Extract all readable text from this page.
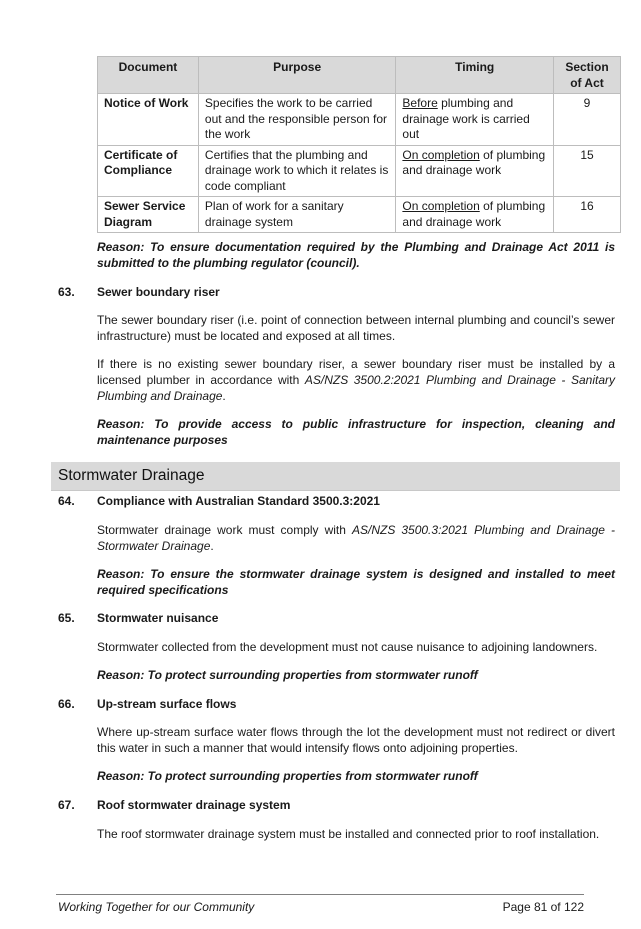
Document	Purpose	Timing	Section of Act
Notice of Work	Specifies the work to be carried out and the responsible person for the work	Before plumbing and drainage work is carried out	9
Certificate of Compliance	Certifies that the plumbing and drainage work to which it relates is code compliant	On completion of plumbing and drainage work	15
Sewer Service Diagram	Plan of work for a sanitary drainage system	On completion of plumbing and drainage work	16
Reason: To ensure documentation required by the Plumbing and Drainage Act 2011 is submitted to the plumbing regulator (council).
63. Sewer boundary riser
The sewer boundary riser (i.e. point of connection between internal plumbing and council’s sewer infrastructure) must be located and exposed at all times.
If there is no existing sewer boundary riser, a sewer boundary riser must be installed by a licensed plumber in accordance with AS/NZS 3500.2:2021 Plumbing and Drainage - Sanitary Plumbing and Drainage.
Reason: To provide access to public infrastructure for inspection, cleaning and maintenance purposes
Stormwater Drainage
64. Compliance with Australian Standard 3500.3:2021
Stormwater drainage work must comply with AS/NZS 3500.3:2021 Plumbing and Drainage - Stormwater Drainage.
Reason: To ensure the stormwater drainage system is designed and installed to meet required specifications
65. Stormwater nuisance
Stormwater collected from the development must not cause nuisance to adjoining landowners.
Reason: To protect surrounding properties from stormwater runoff
66. Up-stream surface flows
Where up-stream surface water flows through the lot the development must not redirect or divert this water in such a manner that would intensify flows onto adjoining properties.
Reason: To protect surrounding properties from stormwater runoff
67. Roof stormwater drainage system
The roof stormwater drainage system must be installed and connected prior to roof installation.
Working Together for our Community	Page 81 of 122
